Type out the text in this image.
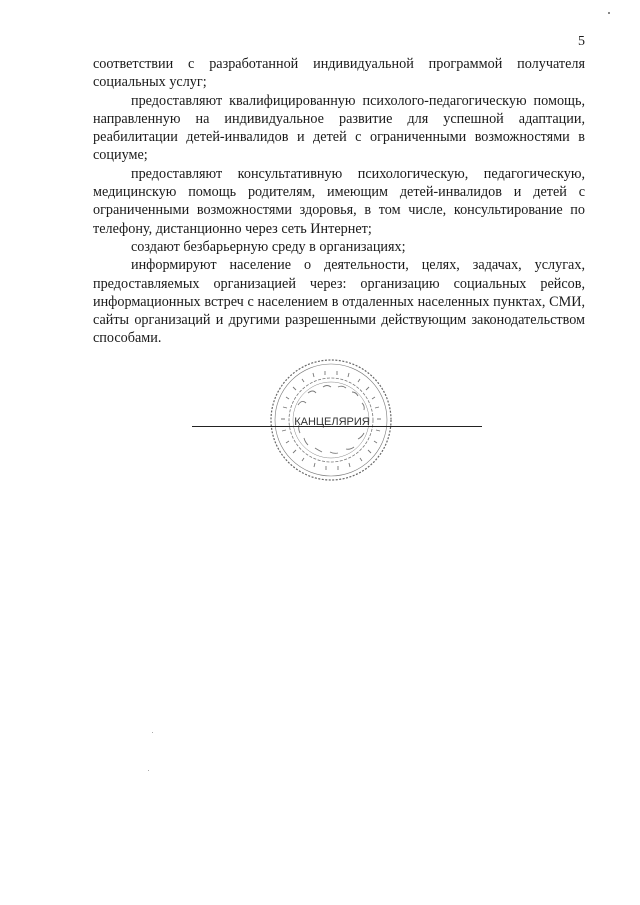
5

соответствии с разработанной индивидуальной программой получателя социальных услуг;

предоставляют квалифицированную психолого-педагогическую помощь, направленную на индивидуальное развитие для успешной адаптации, реабилитации детей-инвалидов и детей с ограниченными возможностями в социуме;

предоставляют консультативную психологическую, педагогическую, медицинскую помощь родителям, имеющим детей-инвалидов и детей с ограниченными возможностями здоровья, в том числе, консультирование по телефону, дистанционно через сеть Интернет;

создают безбарьерную среду в организациях;

информируют население о деятельности, целях, задачах, услугах, предоставляемых организацией через: организацию социальных рейсов, информационных встреч с населением в отдаленных населенных пунктах, СМИ, сайты организаций и другими разрешенными действующим законодательством способами.

КАНЦЕЛЯРИЯ
